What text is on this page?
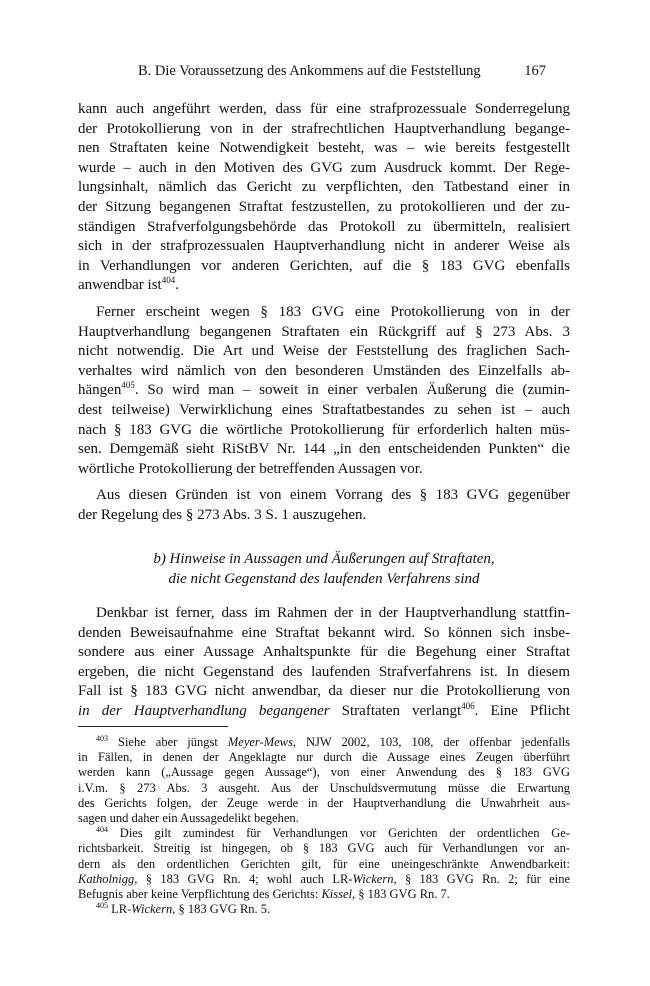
B. Die Voraussetzung des Ankommens auf die Feststellung	167
kann auch angeführt werden, dass für eine strafprozessuale Sonderregelung
der Protokollierung von in der strafrechtlichen Hauptverhandlung begange-
nen Straftaten keine Notwendigkeit besteht, was – wie bereits festgestellt
wurde – auch in den Motiven des GVG zum Ausdruck kommt. Der Rege-
lungsinhalt, nämlich das Gericht zu verpflichten, den Tatbestand einer in
der Sitzung begangenen Straftat festzustellen, zu protokollieren und der zu-
ständigen Strafverfolgungsbehörde das Protokoll zu übermitteln, realisiert
sich in der strafprozessualen Hauptverhandlung nicht in anderer Weise als
in Verhandlungen vor anderen Gerichten, auf die § 183 GVG ebenfalls
anwendbar ist$^{404}$.
Ferner erscheint wegen § 183 GVG eine Protokollierung von in der
Hauptverhandlung begangenen Straftaten ein Rückgriff auf § 273 Abs. 3
nicht notwendig. Die Art und Weise der Feststellung des fraglichen Sach-
verhaltes wird nämlich von den besonderen Umständen des Einzelfalls ab-
hängen$^{405}$. So wird man – soweit in einer verbalen Äußerung die (zumin-
dest teilweise) Verwirklichung eines Straftatbestandes zu sehen ist – auch
nach § 183 GVG die wörtliche Protokollierung für erforderlich halten müs-
sen. Demgemäß sieht RiStBV Nr. 144 „in den entscheidenden Punkten“ die
wörtliche Protokollierung der betreffenden Aussagen vor.
Aus diesen Gründen ist von einem Vorrang des § 183 GVG gegenüber
der Regelung des § 273 Abs. 3 S. 1 auszugehen.
b) Hinweise in Aussagen und Äußerungen auf Straftaten,
die nicht Gegenstand des laufenden Verfahrens sind
Denkbar ist ferner, dass im Rahmen der in der Hauptverhandlung stattfin-
denden Beweisaufnahme eine Straftat bekannt wird. So können sich insbe-
sondere aus einer Aussage Anhaltspunkte für die Begehung einer Straftat
ergeben, die nicht Gegenstand des laufenden Strafverfahrens ist. In diesem
Fall ist § 183 GVG nicht anwendbar, da dieser nur die Protokollierung von
in der Hauptverhandlung begangener Straftaten verlangt$^{406}$. Eine Pflicht
$^{403}$ Siehe aber jüngst Meyer-Mews, NJW 2002, 103, 108, der offenbar jedenfalls
in Fällen, in denen der Angeklagte nur durch die Aussage eines Zeugen überführt
werden kann („Aussage gegen Aussage“), von einer Anwendung des § 183 GVG
i.V.m. § 273 Abs. 3 ausgeht. Aus der Unschuldsvermutung müsse die Erwartung
des Gerichts folgen, der Zeuge werde in der Hauptverhandlung die Unwahrheit aus-
sagen und daher ein Aussagedelikt begehen.
$^{404}$ Dies gilt zumindest für Verhandlungen vor Gerichten der ordentlichen Ge-
richtsbarkeit. Streitig ist hingegen, ob § 183 GVG auch für Verhandlungen vor an-
dern als den ordentlichen Gerichten gilt, für eine uneingeschränkte Anwendbarkeit:
Katholnigg, § 183 GVG Rn. 4; wohl auch LR-Wickern, § 183 GVG Rn. 2; für eine
Befugnis aber keine Verpflichtung des Gerichts: Kissel, § 183 GVG Rn. 7.
$^{405}$ LR-Wickern, § 183 GVG Rn. 5.
